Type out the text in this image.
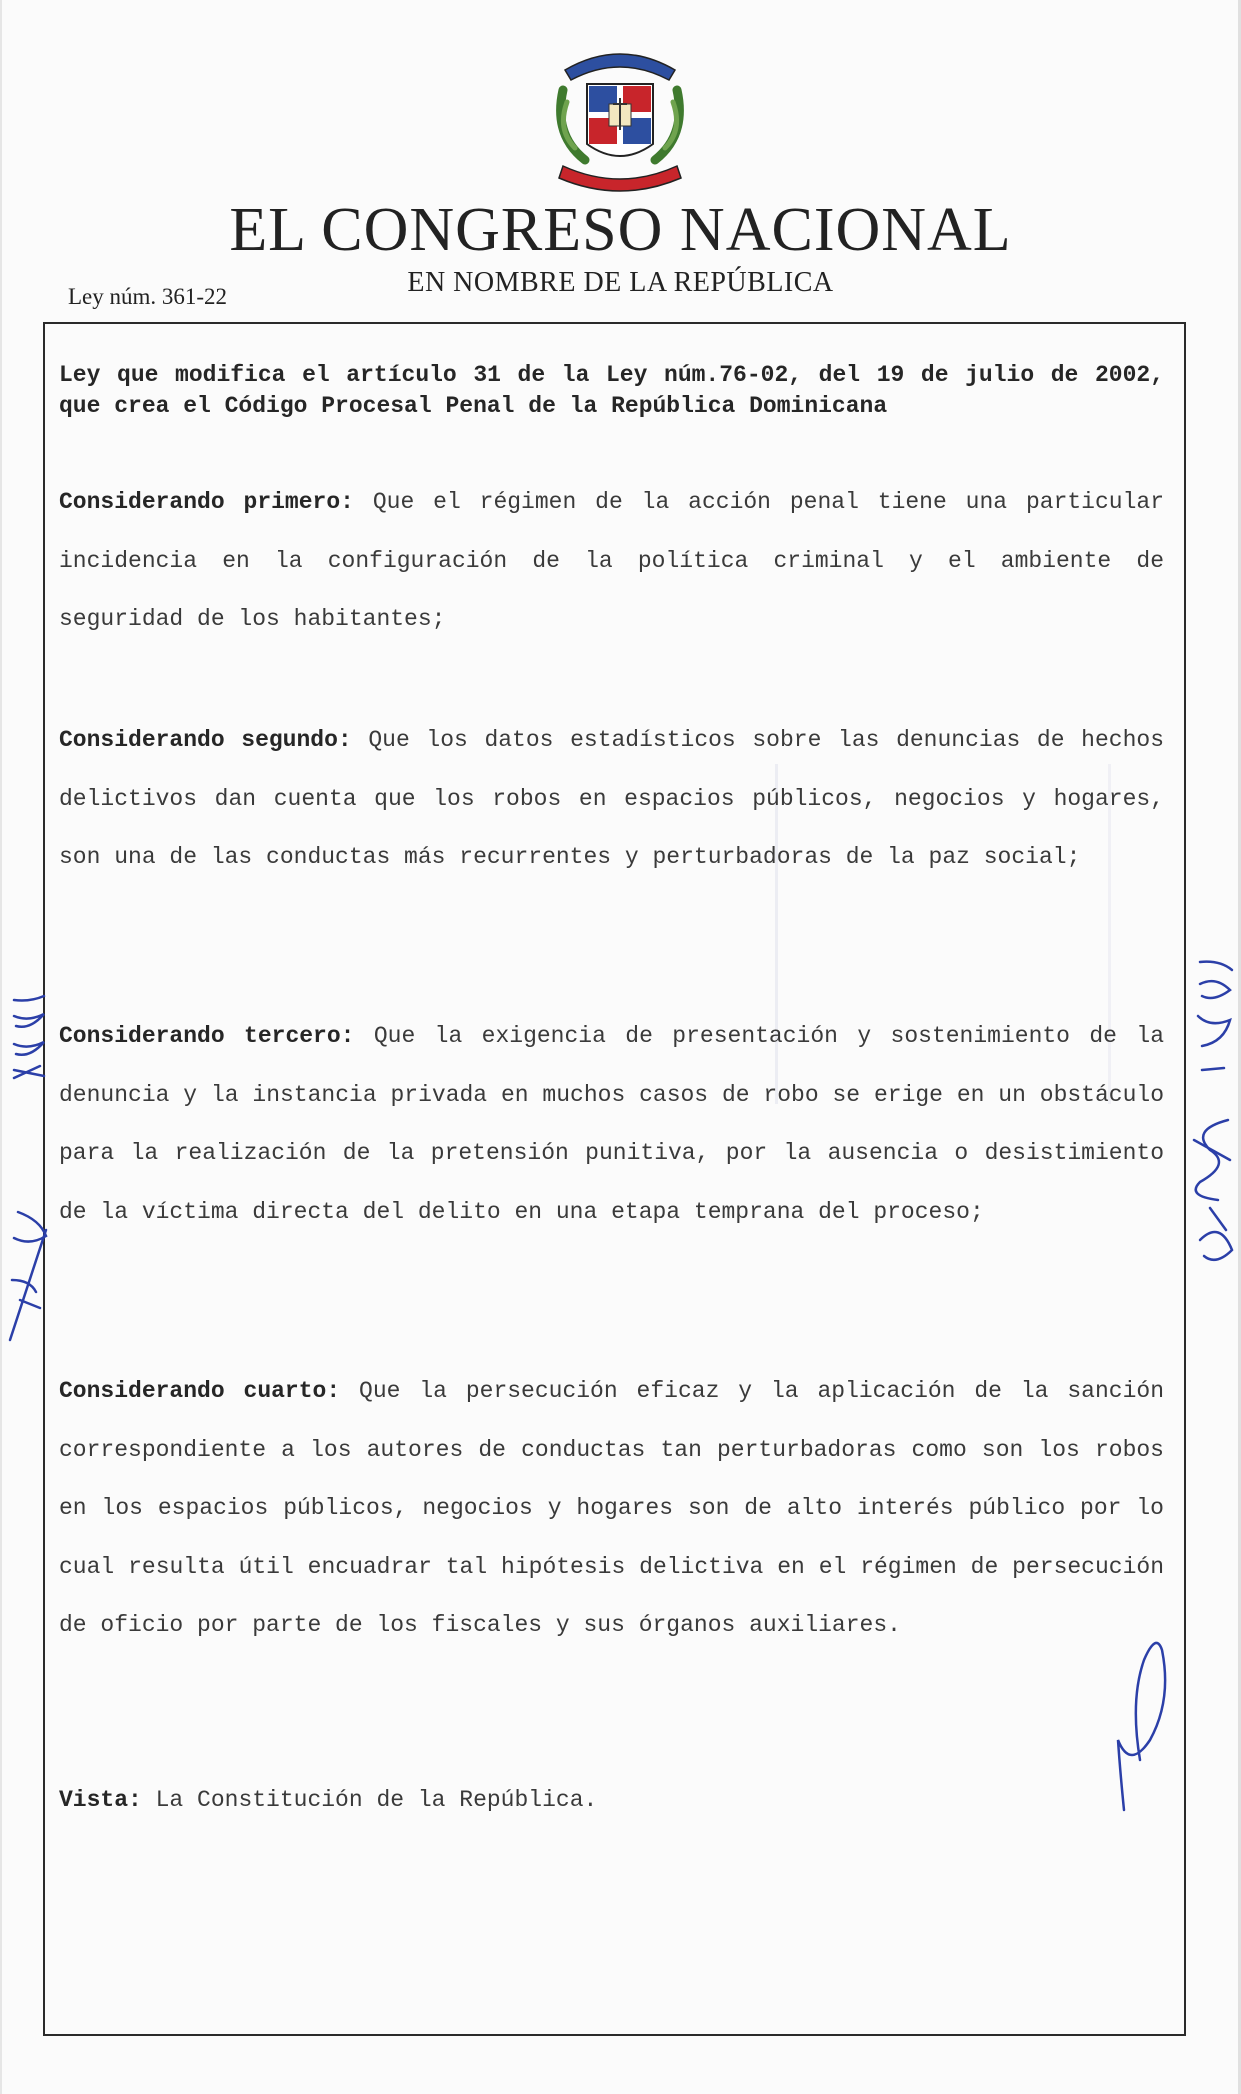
EL CONGRESO NACIONAL
EN NOMBRE DE LA REPÚBLICA
Ley núm. 361-22

Ley que modifica el artículo 31 de la Ley núm.76-02, del 19 de julio de 2002, que crea el Código Procesal Penal de la República Dominicana

Considerando primero: Que el régimen de la acción penal tiene una particular incidencia en la configuración de la política criminal y el ambiente de seguridad de los habitantes;

Considerando segundo: Que los datos estadísticos sobre las denuncias de hechos delictivos dan cuenta que los robos en espacios públicos, negocios y hogares, son una de las conductas más recurrentes y perturbadoras de la paz social;

Considerando tercero: Que la exigencia de presentación y sostenimiento de la denuncia y la instancia privada en muchos casos de robo se erige en un obstáculo para la realización de la pretensión punitiva, por la ausencia o desistimiento de la víctima directa del delito en una etapa temprana del proceso;

Considerando cuarto: Que la persecución eficaz y la aplicación de la sanción correspondiente a los autores de conductas tan perturbadoras como son los robos en los espacios públicos, negocios y hogares son de alto interés público por lo cual resulta útil encuadrar tal hipótesis delictiva en el régimen de persecución de oficio por parte de los fiscales y sus órganos auxiliares.

Vista: La Constitución de la República.
